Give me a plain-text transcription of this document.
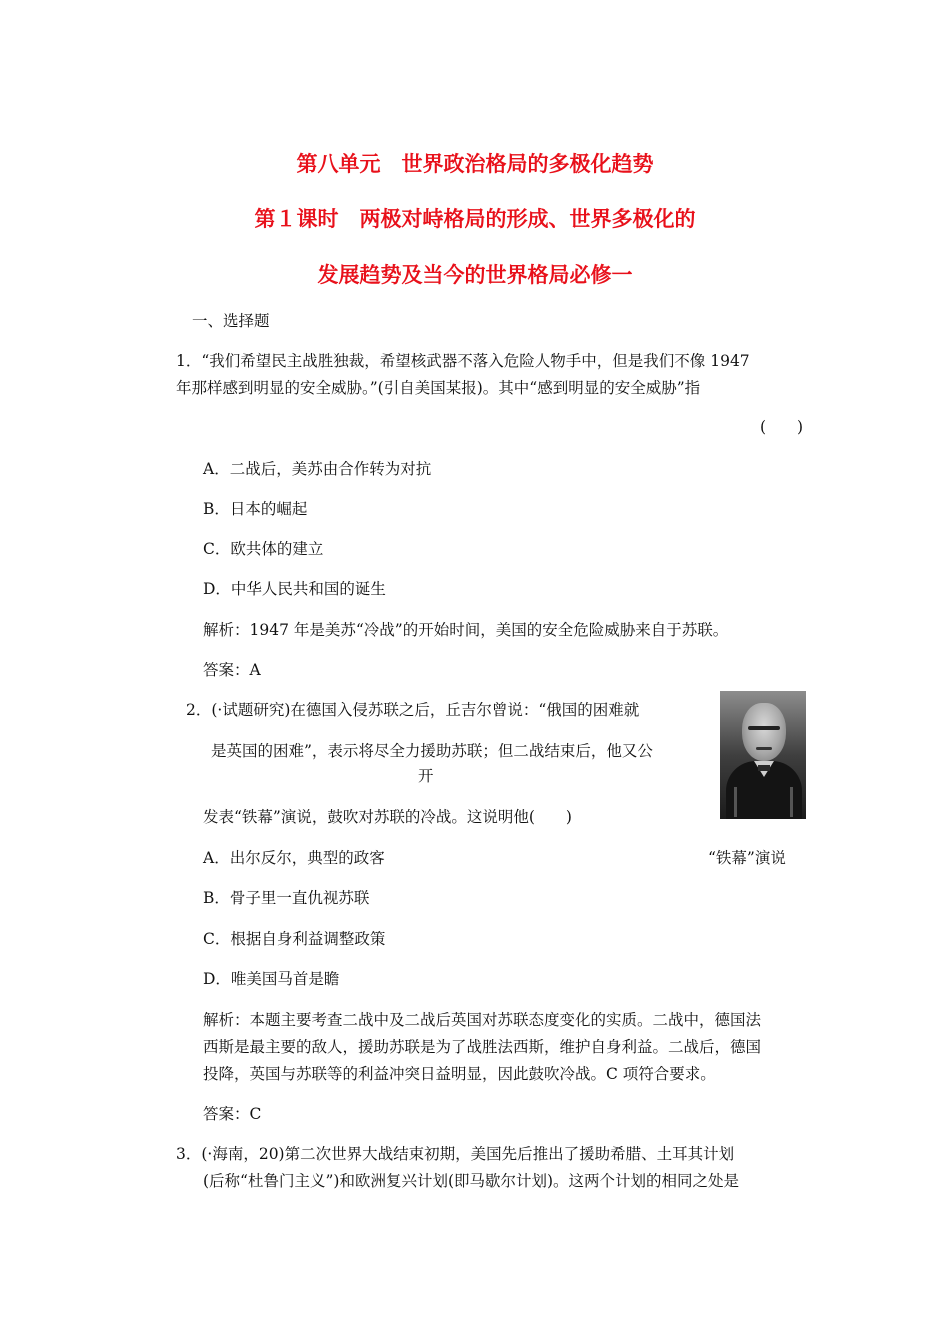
第八单元　世界政治格局的多极化趋势
第１课时　两极对峙格局的形成、世界多极化的
发展趋势及当今的世界格局必修一
一、选择题
1．“我们希望民主战胜独裁，希望核武器不落入危险人物手中，但是我们不像 1947
年那样感到明显的安全威胁。”(引自美国某报)。其中“感到明显的安全威胁”指
(　　)
A．二战后，美苏由合作转为对抗
B．日本的崛起
C．欧共体的建立
D．中华人民共和国的诞生
解析：1947 年是美苏“冷战”的开始时间，美国的安全危险威胁来自于苏联。
答案：A
2．(·试题研究)在德国入侵苏联之后，丘吉尔曾说：“俄国的困难就
是英国的困难”，表示将尽全力援助苏联；但二战结束后，他又公
开
发表“铁幕”演说，鼓吹对苏联的冷战。这说明他(　　)
“铁幕”演说
A．出尔反尔，典型的政客
B．骨子里一直仇视苏联
C．根据自身利益调整政策
D．唯美国马首是瞻
解析：本题主要考查二战中及二战后英国对苏联态度变化的实质。二战中，德国法
西斯是最主要的敌人，援助苏联是为了战胜法西斯，维护自身利益。二战后，德国
投降，英国与苏联等的利益冲突日益明显，因此鼓吹冷战。C 项符合要求。
答案：C
3．(·海南，20)第二次世界大战结束初期，美国先后推出了援助希腊、土耳其计划
(后称“杜鲁门主义”)和欧洲复兴计划(即马歇尔计划)。这两个计划的相同之处是
